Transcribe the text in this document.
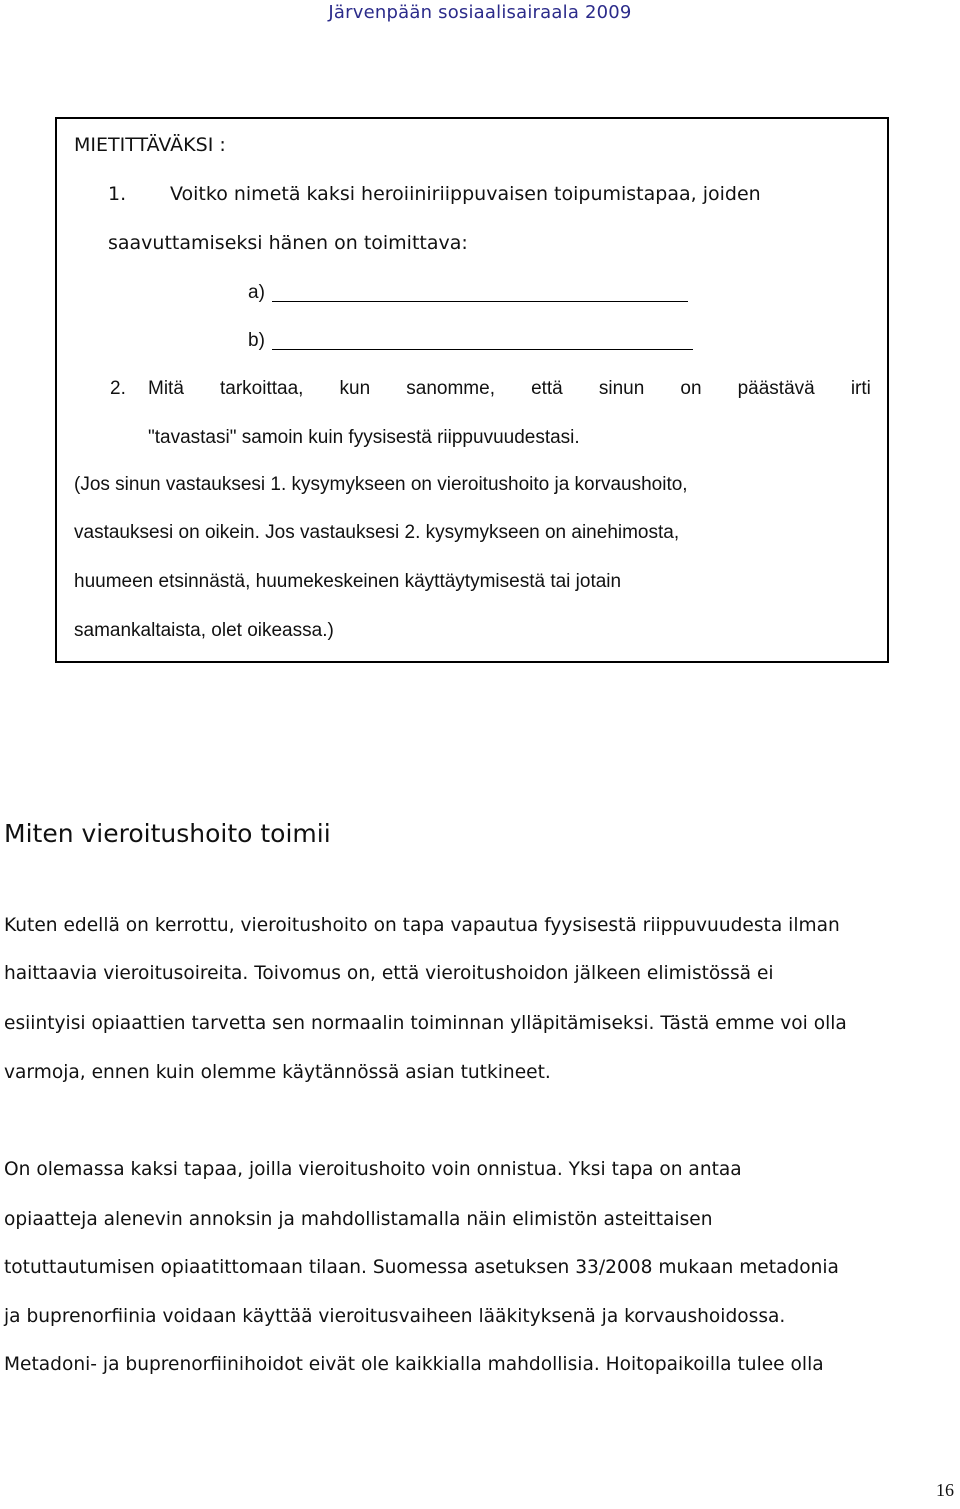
Järvenpään sosiaalisairaala 2009
MIETITTÄVÄKSI :
1. Voitko nimetä kaksi heroiiniriippuvaisen toipumistapaa, joiden
saavuttamiseksi hänen on toimittava:
a)
b)
2. Mitä tarkoittaa, kun sanomme, että sinun on päästävä irti
"tavastasi" samoin kuin fyysisestä riippuvuudestasi.
(Jos sinun vastauksesi 1. kysymykseen on vieroitushoito ja korvaushoito,
vastauksesi on oikein. Jos vastauksesi 2. kysymykseen on ainehimosta,
huumeen etsinnästä, huumekeskeinen käyttäytymisestä tai jotain
samankaltaista, olet oikeassa.)
Miten vieroitushoito toimii
Kuten edellä on kerrottu, vieroitushoito on tapa vapautua fyysisestä riippuvuudesta ilman
haittaavia vieroitusoireita. Toivomus on, että vieroitushoidon jälkeen elimistössä ei
esiintyisi opiaattien tarvetta sen normaalin toiminnan ylläpitämiseksi. Tästä emme voi olla
varmoja, ennen kuin olemme käytännössä asian tutkineet.
On olemassa kaksi tapaa, joilla vieroitushoito voin onnistua. Yksi tapa on antaa
opiaatteja alenevin annoksin ja mahdollistamalla näin elimistön asteittaisen
totuttautumisen opiaatittomaan tilaan. Suomessa asetuksen 33/2008 mukaan metadonia
ja buprenorfiinia voidaan käyttää vieroitusvaiheen lääkityksenä ja korvaushoidossa.
Metadoni- ja buprenorfiinihoidot eivät ole kaikkialla mahdollisia. Hoitopaikoilla tulee olla
16
